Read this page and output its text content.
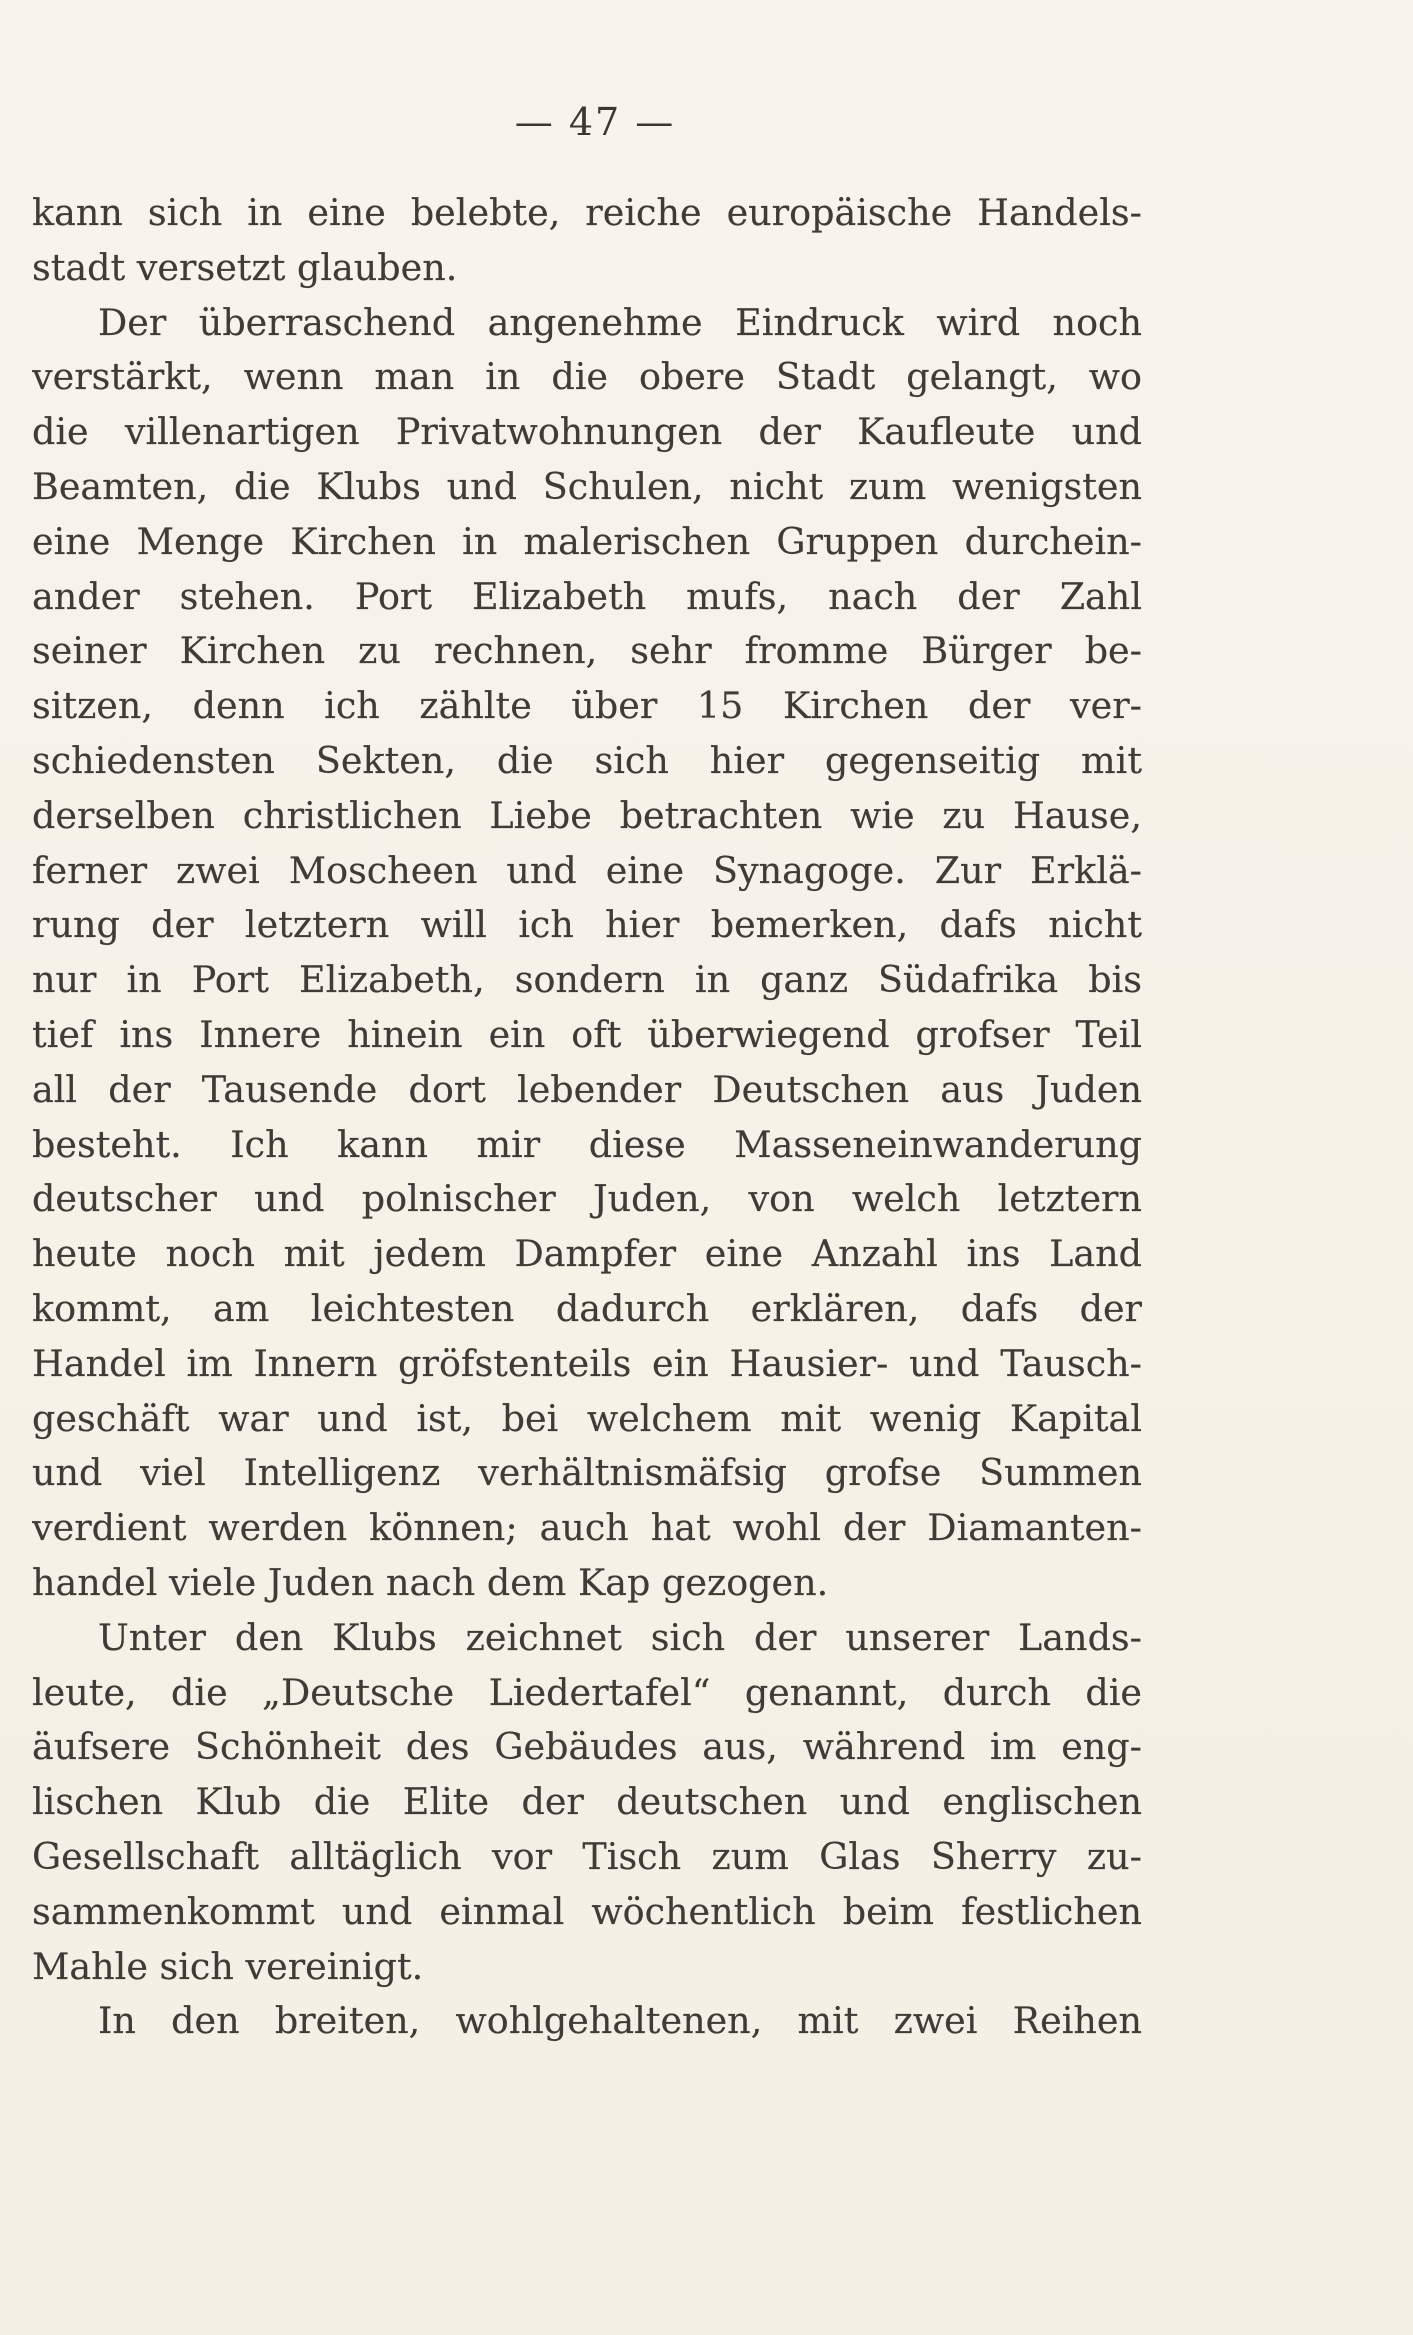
— 47 —
kann sich in eine belebte, reiche europäische Handels-
stadt versetzt glauben.
Der überraschend angenehme Eindruck wird noch
verstärkt, wenn man in die obere Stadt gelangt, wo
die villenartigen Privatwohnungen der Kaufleute und
Beamten, die Klubs und Schulen, nicht zum wenigsten
eine Menge Kirchen in malerischen Gruppen durchein-
ander stehen. Port Elizabeth mufs, nach der Zahl
seiner Kirchen zu rechnen, sehr fromme Bürger be-
sitzen, denn ich zählte über 15 Kirchen der ver-
schiedensten Sekten, die sich hier gegenseitig mit
derselben christlichen Liebe betrachten wie zu Hause,
ferner zwei Moscheen und eine Synagoge. Zur Erklä-
rung der letztern will ich hier bemerken, dafs nicht
nur in Port Elizabeth, sondern in ganz Südafrika bis
tief ins Innere hinein ein oft überwiegend grofser Teil
all der Tausende dort lebender Deutschen aus Juden
besteht. Ich kann mir diese Masseneinwanderung
deutscher und polnischer Juden, von welch letztern
heute noch mit jedem Dampfer eine Anzahl ins Land
kommt, am leichtesten dadurch erklären, dafs der
Handel im Innern gröfstenteils ein Hausier- und Tausch-
geschäft war und ist, bei welchem mit wenig Kapital
und viel Intelligenz verhältnismäfsig grofse Summen
verdient werden können; auch hat wohl der Diamanten-
handel viele Juden nach dem Kap gezogen.
Unter den Klubs zeichnet sich der unserer Lands-
leute, die „Deutsche Liedertafel“ genannt, durch die
äufsere Schönheit des Gebäudes aus, während im eng-
lischen Klub die Elite der deutschen und englischen
Gesellschaft alltäglich vor Tisch zum Glas Sherry zu-
sammenkommt und einmal wöchentlich beim festlichen
Mahle sich vereinigt.
In den breiten, wohlgehaltenen, mit zwei Reihen
